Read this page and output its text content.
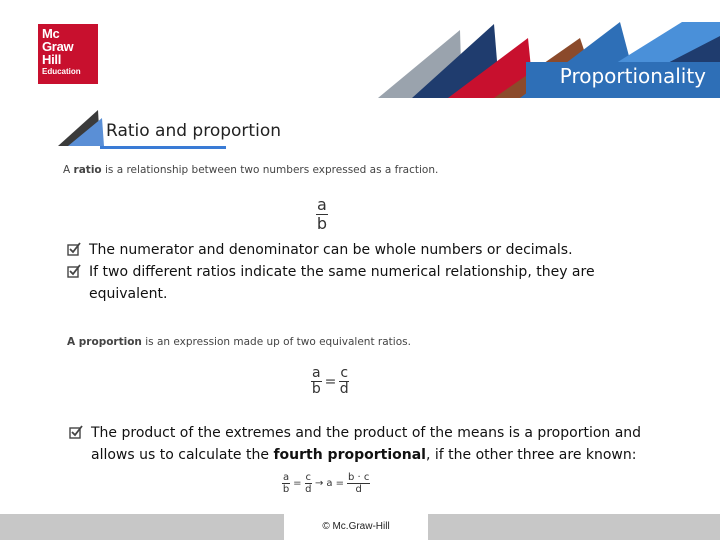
Mc
Graw
Hill
Education	Proportionality
Ratio and proportion
A ratio is a relationship between two numbers expressed as a fraction.
$\frac{a}{b}$
The numerator and denominator can be whole numbers or decimals.
If two different ratios indicate the same numerical relationship, they are
equivalent.
A proportion is an expression made up of two equivalent ratios.
$\frac{a}{b} = \frac{c}{d}$
The product of the extremes and the product of the means is a proportion and
allows us to calculate the fourth proportional, if the other three are known:
$\frac{a}{b} = \frac{c}{d} \to a = \frac{b \cdot c}{d}$
© Mc.Graw-Hill
